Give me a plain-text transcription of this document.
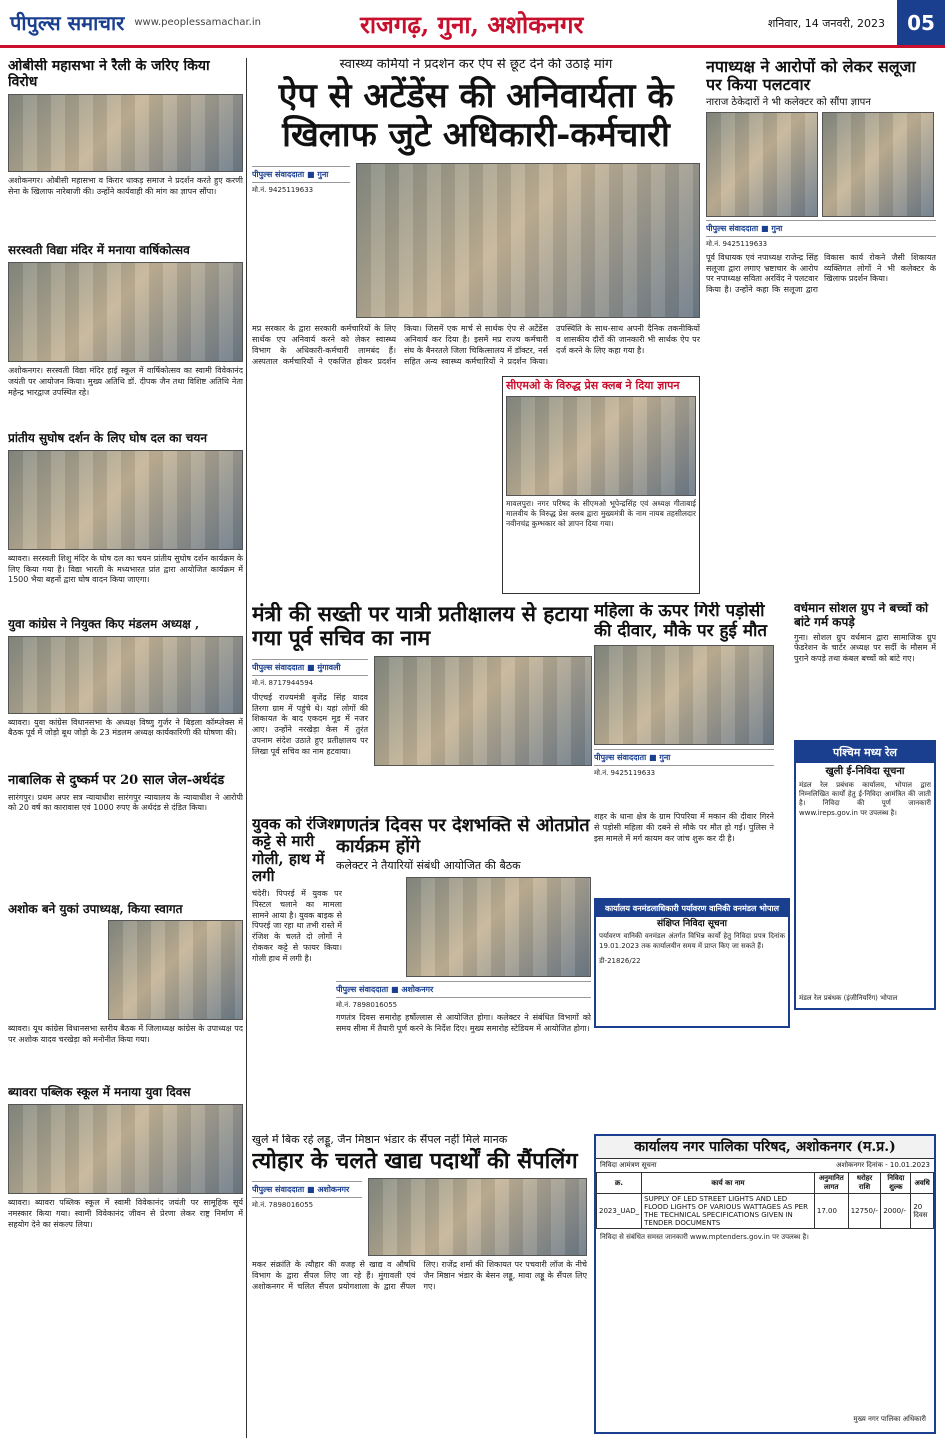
पीपुल्स समाचार www.peoplessamachar.in	राजगढ़, गुना, अशोकनगर	शनिवार, 14 जनवरी, 2023	05
ओबीसी महासभा ने रैली के जरिए किया विरोध
अशोकनगर। ओबीसी महासभा व किरार धाकड़ समाज ने प्रदर्शन करते हुए करणी सेना के खिलाफ नारेबाजी की। उन्होंने कार्यवाही की मांग का ज्ञापन सौंपा।
सरस्वती विद्या मंदिर में मनाया वार्षिकोत्सव
अशोकनगर। सरस्वती विद्या मंदिर हाई स्कूल में वार्षिकोत्सव का स्वामी विवेकानंद जयंती पर आयोजन किया। मुख्य अतिथि डॉ. दीपक जैन तथा विशिष्ट अतिथि नेता महेन्द्र भारद्वाज उपस्थित रहे।
प्रांतीय सुघोष दर्शन के लिए घोष दल का चयन
ब्यावरा। सरस्वती शिशु मंदिर के घोष दल का चयन प्रांतीय सुघोष दर्शन कार्यक्रम के लिए किया गया है। विद्या भारती के मध्यभारत प्रांत द्वारा आयोजित कार्यक्रम में 1500 भैया बहनों द्वारा घोष वादन किया जाएगा।
युवा कांग्रेस ने नियुक्त किए मंडलम अध्यक्ष ,
ब्यावरा। युवा कांग्रेस विधानसभा के अध्यक्ष विष्णु गुर्जर ने बिड़ला कॉम्प्लेक्स में बैठक पूर्व में जोड़ो बूथ जोड़ो के 23 मंडलम अध्यक्ष कार्यकारिणी की घोषणा की।
नाबालिक से दुष्कर्म पर 20 साल जेल-अर्थदंड
सारंगपुर। प्रथम अपर सत्र न्यायाधीश सारंगपुर न्यायालय के न्यायाधीश ने आरोपी को 20 वर्ष का कारावास एवं 1000 रुपए के अर्थदंड से दंडित किया।
अशोक बने युकां उपाध्यक्ष, किया स्वागत
ब्यावरा। यूथ कांग्रेस विधानसभा स्तरीय बैठक में जिलाध्यक्ष कांग्रेस के उपाध्यक्ष पद पर अशोक यादव चरखेड़ा को मनोनीत किया गया।
ब्यावरा पब्लिक स्कूल में मनाया युवा दिवस
ब्यावरा। ब्यावरा पब्लिक स्कूल में स्वामी विवेकानंद जयंती पर सामूहिक सूर्य नमस्कार किया गया। स्वामी विवेकानंद जीवन से प्रेरणा लेकर राष्ट्र निर्माण में सहयोग देने का संकल्प लिया।
स्वास्थ्य कर्मियों ने प्रदर्शन कर ऐप से छूट देने की उठाई मांग
ऐप से अटेंडेंस की अनिवार्यता के खिलाफ जुटे अधिकारी-कर्मचारी
पीपुल्स संवाददाता ■ गुना
मो.नं. 9425119633
मप्र सरकार के द्वारा सरकारी कर्मचारियों के लिए सार्थक एप अनिवार्य करने को लेकर स्वास्थ्य विभाग के अधिकारी-कर्मचारी लामबंद हैं। अस्पताल कर्मचारियों ने एकजित होकर प्रदर्शन किया। जिसमें एक मार्च से सार्थक ऐप से अटेंडेंस अनिवार्य कर दिया है। इसमें मप्र राज्य कर्मचारी संघ के बैनरतले जिला चिकित्सालय में डॉक्टर, नर्स सहित अन्य स्वास्थ्य कर्मचारियों ने प्रदर्शन किया। उपस्थिति के साथ-साथ अपनी दैनिक तकनीकियों व शासकीय दौरों की जानकारी भी सार्थक ऐप पर दर्ज करने के लिए कहा गया है।
सीएमओ के विरुद्ध प्रेस क्लब ने दिया ज्ञापन
मावलपुरा। नगर परिषद के सीएमओ भूपेन्द्रसिंह एवं अध्यक्ष गीताबाई मालवीय के विरुद्ध प्रेस क्लब द्वारा मुख्यमंत्री के नाम नायब तहसीलदार नवीनचंद्र कुम्भकार को ज्ञापन दिया गया।
मंत्री की सख्ती पर यात्री प्रतीक्षालय से हटाया गया पूर्व सचिव का नाम
पीपुल्स संवाददाता ■ मुंगावली
मो.नं. 8717944594
पीएचई राज्यमंत्री बृजेंद्र सिंह यादव तिरगा ग्राम में पहुंचे थे। यहां लोगों की शिकायत के बाद एकदम मूड में नजर आए। उन्होंने नरखेड़ा केस में तुरंत उपनाम संदेश उठाते हुए प्रतीक्षालय पर लिखा पूर्व सचिव का नाम हटवाया।
महिला के ऊपर गिरी पड़ोसी की दीवार, मौके पर हुई मौत
पीपुल्स संवाददाता ■ गुना
मो.नं. 9425119633
शहर के धाना क्षेत्र के ग्राम पिपरिया में मकान की दीवार गिरने से पड़ोसी महिला की दबने से मौके पर मौत हो गई। पुलिस ने इस मामले में मर्ग कायम कर जांच शुरू कर दी है।
युवक को रंजिश कट्टे से मारी गोली, हाथ में लगी
चंदेरी। पिपरई में युवक पर पिस्टल चलाने का मामला सामने आया है। युवक बाइक से पिपरई जा रहा था तभी रास्ते में रंजिश के चलते दो लोगों ने रोककर कट्टे से फायर किया। गोली हाथ में लगी है।
गणतंत्र दिवस पर देशभक्ति से ओतप्रोत कार्यक्रम होंगे
कलेक्टर ने तैयारियों संबंधी आयोजित की बैठक
पीपुल्स संवाददाता ■ अशोकनगर
मो.नं. 7898016055
गणतंत्र दिवस समारोह हर्षोल्लास से आयोजित होगा। कलेक्टर ने संबंधित विभागों को समय सीमा में तैयारी पूर्ण करने के निर्देश दिए। मुख्य समारोह स्टेडियम में आयोजित होगा।
खुले में बिक रहे लड्डू, जैन मिष्ठान भंडार के सैंपल नहीं मिले मानक
त्योहार के चलते खाद्य पदार्थों की सैंपलिंग
पीपुल्स संवाददाता ■ अशोकनगर
मो.नं. 7898016055
मकर संक्रांति के त्यौहार की वजह से खाद्य व औषधि विभाग के द्वारा सैंपल लिए जा रहे हैं। मुंगावली एवं अशोकनगर में चलित सैंपल प्रयोगशाला के द्वारा सैंपल लिए। राजेंद्र शर्मा की शिकायत पर पचवारी लॉज के नीचे जैन मिष्ठान भंडार के बेसन लड्डू, मावा लड्डू के सैंपल लिए गए।
नपाध्यक्ष ने आरोपों को लेकर सलूजा पर किया पलटवार
नाराज ठेकेदारों ने भी कलेक्टर को सौंपा ज्ञापन
पीपुल्स संवाददाता ■ गुना
मो.नं. 9425119633
पूर्व विधायक एवं नपाध्यक्ष राजेन्द्र सिंह सलूजा द्वारा लगाए भ्रष्टाचार के आरोप पर नपाध्यक्ष सविता अरविंद ने पलटवार किया है। उन्होंने कहा कि सलूजा द्वारा विकास कार्य रोकने जैसी शिकायत व्यक्तिगत लोगों ने भी कलेक्टर के खिलाफ प्रदर्शन किया।
वर्धमान सोशल ग्रुप ने बच्चों को बांटे गर्म कपड़े
गुना। सोशल ग्रुप वर्धमान द्वारा सामाजिक ग्रुप फेडरेशन के चार्टर अध्यक्ष पर सर्दी के मौसम में पुराने कपड़े तथा कंबल बच्चों को बांटे गए।
पश्चिम मध्य रेल
खुली ई-निविदा सूचना
मंडल रेल प्रबंधक कार्यालय, भोपाल द्वारा निम्नलिखित कार्यों हेतु ई-निविदा आमंत्रित की जाती है। निविदा की पूर्ण जानकारी www.ireps.gov.in पर उपलब्ध है।
मंडल रेल प्रबंधक (इंजीनियरिंग) भोपाल
कार्यालय वनमंडलाधिकारी पर्यावरण वानिकी वनमंडल भोपाल
संक्षिप्त निविदा सूचना
पर्यावरण वानिकी वनमंडल अंतर्गत विभिन्न कार्यों हेतु निविदा प्रपत्र दिनांक 19.01.2023 तक कार्यालयीन समय में प्राप्त किए जा सकते हैं।
डी-21826/22
कार्यालय नगर पालिका परिषद, अशोकनगर (म.प्र.)
निविदा आमंत्रण सूचना	अशोकनगर दिनांक - 10.01.2023
क्र.	कार्य का नाम	अनुमानित लागत	धरोहर राशि	निविदा शुल्क	अवधि
2023_UAD_	SUPPLY OF LED STREET LIGHTS AND LED FLOOD LIGHTS OF VARIOUS WATTAGES AS PER THE TECHNICAL SPECIFICATIONS GIVEN IN TENDER DOCUMENTS	17.00	12750/-	2000/-	20 दिवस
निविदा से संबंधित समस्त जानकारी www.mptenders.gov.in पर उपलब्ध है।
मुख्य नगर पालिका अधिकारी
